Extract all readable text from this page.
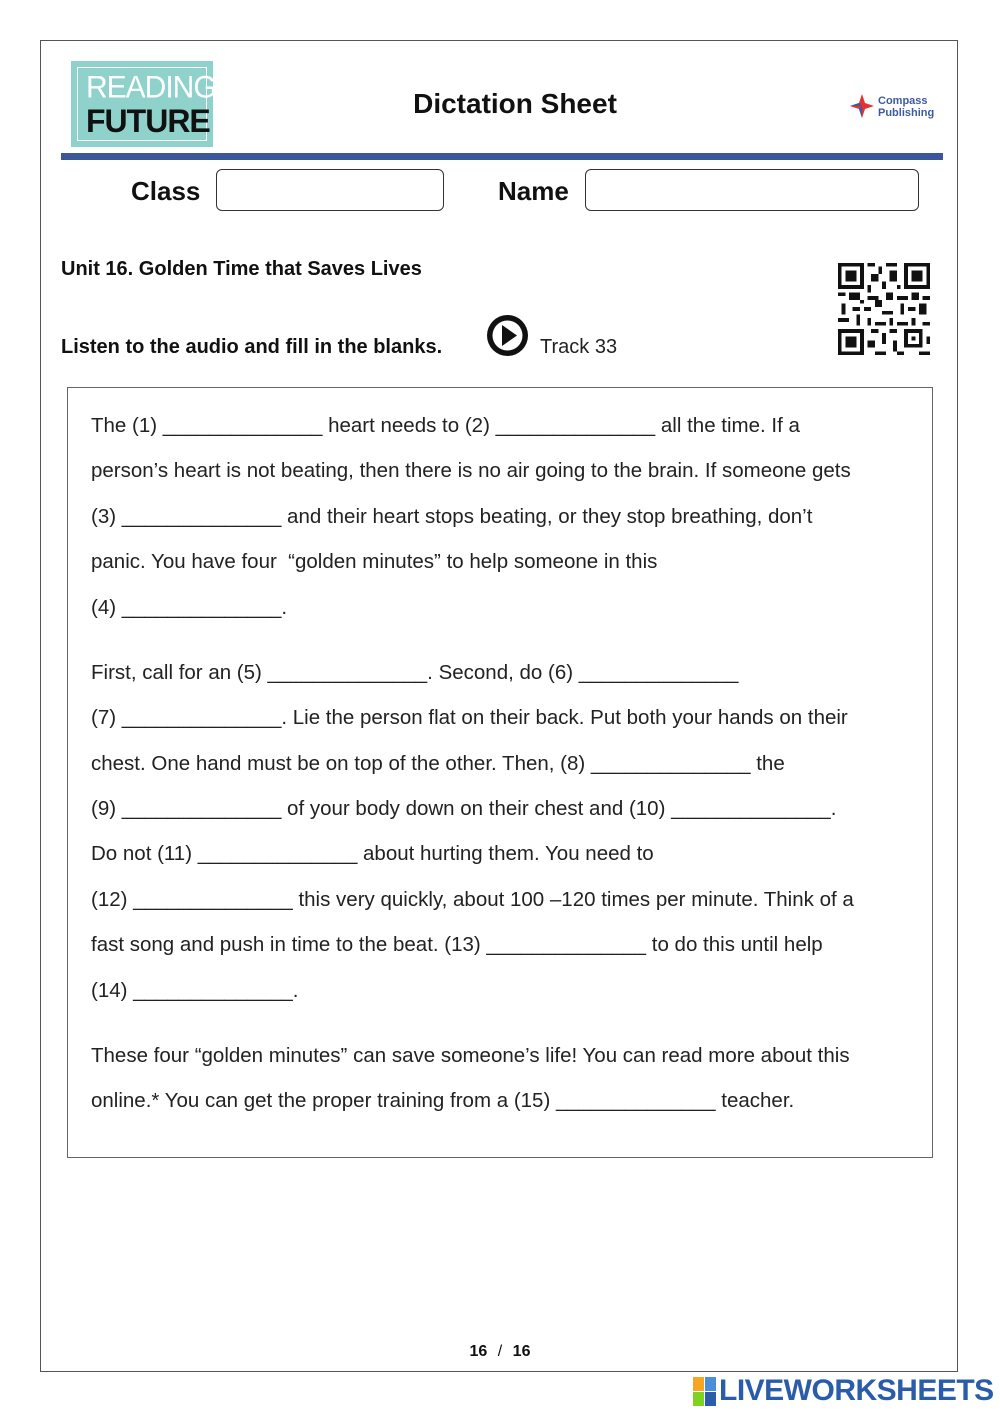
READING
FUTURE	Dictation Sheet	Compass
Publishing
Class	Name
Unit 16. Golden Time that Saves Lives
Listen to the audio and fill in the blanks.	Track 33
The (1) ______________ heart needs to (2) ______________ all the time. If a
person’s heart is not beating, then there is no air going to the brain. If someone gets
(3) ______________ and their heart stops beating, or they stop breathing, don’t
panic. You have four  “golden minutes” to help someone in this
(4) ______________.
First, call for an (5) ______________. Second, do (6) ______________
(7) ______________. Lie the person flat on their back. Put both your hands on their
chest. One hand must be on top of the other. Then, (8) ______________ the
(9) ______________ of your body down on their chest and (10) ______________.
Do not (11) ______________ about hurting them. You need to
(12) ______________ this very quickly, about 100 –120 times per minute. Think of a
fast song and push in time to the beat. (13) ______________ to do this until help
(14) ______________.
These four “golden minutes” can save someone’s life! You can read more about this
online.* You can get the proper training from a (15) ______________ teacher.
16 / 16
LIVEWORKSHEETS
